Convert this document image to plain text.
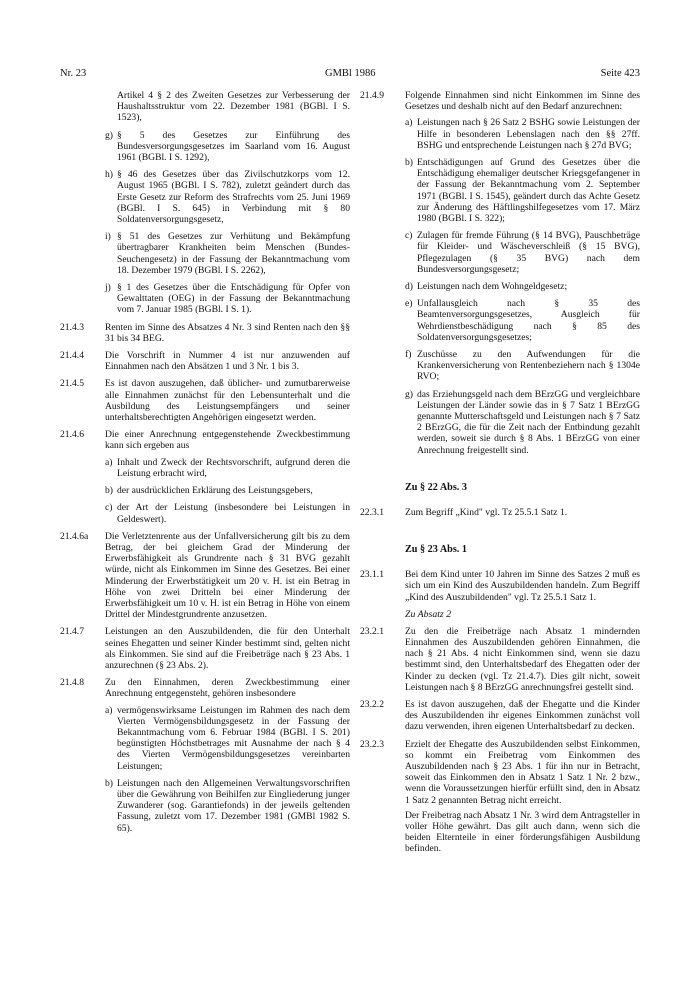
Nr. 23	GMBl 1986	Seite 423

Artikel 4 § 2 des Zweiten Gesetzes zur Verbesserung der Haushaltsstruktur vom 22. Dezember 1981 (BGBl. I S. 1523),

g) § 5 des Gesetzes zur Einführung des Bundesversorgungsgesetzes im Saarland vom 16. August 1961 (BGBl. I S. 1292),

h) § 46 des Gesetzes über das Zivilschutzkorps vom 12. August 1965 (BGBl. I S. 782), zuletzt geändert durch das Erste Gesetz zur Reform des Strafrechts vom 25. Juni 1969 (BGBl. I S. 645) in Verbindung mit § 80 Soldatenversorgungsgesetz,

i) § 51 des Gesetzes zur Verhütung und Bekämpfung übertragbarer Krankheiten beim Menschen (Bundes-Seuchengesetz) in der Fassung der Bekanntmachung vom 18. Dezember 1979 (BGBl. I S. 2262),

j) § 1 des Gesetzes über die Entschädigung für Opfer von Gewalttaten (OEG) in der Fassung der Bekanntmachung vom 7. Januar 1985 (BGBl. I S. 1).

21.4.3 Renten im Sinne des Absatzes 4 Nr. 3 sind Renten nach den §§ 31 bis 34 BEG.

21.4.4 Die Vorschrift in Nummer 4 ist nur anzuwenden auf Einnahmen nach den Absätzen 1 und 3 Nr. 1 bis 3.

21.4.5 Es ist davon auszugehen, daß üblicher- und zumutbarerweise alle Einnahmen zunächst für den Lebensunterhalt und die Ausbildung des Leistungsempfängers und seiner unterhaltsberechtigten Angehörigen eingesetzt werden.

21.4.6 Die einer Anrechnung entgegenstehende Zweckbestimmung kann sich ergeben aus

a) Inhalt und Zweck der Rechtsvorschrift, aufgrund deren die Leistung erbracht wird,

b) der ausdrücklichen Erklärung des Leistungsgebers,

c) der Art der Leistung (insbesondere bei Leistungen in Geldeswert).

21.4.6a Die Verletztenrente aus der Unfallversicherung gilt bis zu dem Betrag, der bei gleichem Grad der Minderung der Erwerbsfähigkeit als Grundrente nach § 31 BVG gezahlt würde, nicht als Einkommen im Sinne des Gesetzes. Bei einer Minderung der Erwerbstätigkeit um 20 v. H. ist ein Betrag in Höhe von zwei Dritteln bei einer Minderung der Erwerbsfähigkeit um 10 v. H. ist ein Betrag in Höhe von einem Drittel der Mindestgrundrente anzusetzen.

21.4.7 Leistungen an den Auszubildenden, die für den Unterhalt seines Ehegatten und seiner Kinder bestimmt sind, gelten nicht als Einkommen. Sie sind auf die Freibeträge nach § 23 Abs. 1 anzurechnen (§ 23 Abs. 2).

21.4.8 Zu den Einnahmen, deren Zweckbestimmung einer Anrechnung entgegensteht, gehören insbesondere

a) vermögenswirksame Leistungen im Rahmen des nach dem Vierten Vermögensbildungsgesetz in der Fassung der Bekanntmachung vom 6. Februar 1984 (BGBl. I S. 201) begünstigten Höchstbetrages mit Ausnahme der nach § 4 des Vierten Vermögensbildungsgesetzes vereinbarten Leistungen;

b) Leistungen nach den Allgemeinen Verwaltungsvorschriften über die Gewährung von Beihilfen zur Eingliederung junger Zuwanderer (sog. Garantiefonds) in der jeweils geltenden Fassung, zuletzt vom 17. Dezember 1981 (GMBl 1982 S. 65).

21.4.9 Folgende Einnahmen sind nicht Einkommen im Sinne des Gesetzes und deshalb nicht auf den Bedarf anzurechnen:

a) Leistungen nach § 26 Satz 2 BSHG sowie Leistungen der Hilfe in besonderen Lebenslagen nach den §§ 27ff. BSHG und entsprechende Leistungen nach § 27d BVG;

b) Entschädigungen auf Grund des Gesetzes über die Entschädigung ehemaliger deutscher Kriegsgefangener in der Fassung der Bekanntmachung vom 2. September 1971 (BGBl. I S. 1545), geändert durch das Achte Gesetz zur Änderung des Häftlingshilfegesetzes vom 17. März 1980 (BGBl. I S. 322);

c) Zulagen für fremde Führung (§ 14 BVG), Pauschbeträge für Kleider- und Wäscheverschleiß (§ 15 BVG), Pflegezulagen (§ 35 BVG) nach dem Bundesversorgungsgesetz;

d) Leistungen nach dem Wohngeldgesetz;

e) Unfallausgleich nach § 35 des Beamtenversorgungsgesetzes, Ausgleich für Wehrdienstbeschädigung nach § 85 des Soldatenversorgungsgesetzes;

f) Zuschüsse zu den Aufwendungen für die Krankenversicherung von Rentenbeziehern nach § 1304e RVO;

g) das Erziehungsgeld nach dem BErzGG und vergleichbare Leistungen der Länder sowie das in § 7 Satz 1 BErzGG genannte Mutterschaftsgeld und Leistungen nach § 7 Satz 2 BErzGG, die für die Zeit nach der Entbindung gezahlt werden, soweit sie durch § 8 Abs. 1 BErzGG von einer Anrechnung freigestellt sind.

Zu § 22 Abs. 3
22.3.1 Zum Begriff „Kind" vgl. Tz 25.5.1 Satz 1.

Zu § 23 Abs. 1
23.1.1 Bei dem Kind unter 10 Jahren im Sinne des Satzes 2 muß es sich um ein Kind des Auszubildenden handeln. Zum Begriff „Kind des Auszubildenden" vgl. Tz 25.5.1 Satz 1.

Zu Absatz 2
23.2.1 Zu den die Freibeträge nach Absatz 1 mindernden Einnahmen des Auszubildenden gehören Einnahmen, die nach § 21 Abs. 4 nicht Einkommen sind, wenn sie dazu bestimmt sind, den Unterhaltsbedarf des Ehegatten oder der Kinder zu decken (vgl. Tz 21.4.7). Dies gilt nicht, soweit Leistungen nach § 8 BErzGG anrechnungsfrei gestellt sind.

23.2.2 Es ist davon auszugehen, daß der Ehegatte und die Kinder des Auszubildenden ihr eigenes Einkommen zunächst voll dazu verwenden, ihren eigenen Unterhaltsbedarf zu decken.

23.2.3 Erzielt der Ehegatte des Auszubildenden selbst Einkommen, so kommt ein Freibetrag vom Einkommen des Auszubildenden nach § 23 Abs. 1 für ihn nur in Betracht, soweit das Einkommen den in Absatz 1 Satz 1 Nr. 2 bzw., wenn die Voraussetzungen hierfür erfüllt sind, den in Absatz 1 Satz 2 genannten Betrag nicht erreicht.

Der Freibetrag nach Absatz 1 Nr. 3 wird dem Antragsteller in voller Höhe gewährt. Das gilt auch dann, wenn sich die beiden Elternteile in einer förderungsfähigen Ausbildung befinden.
